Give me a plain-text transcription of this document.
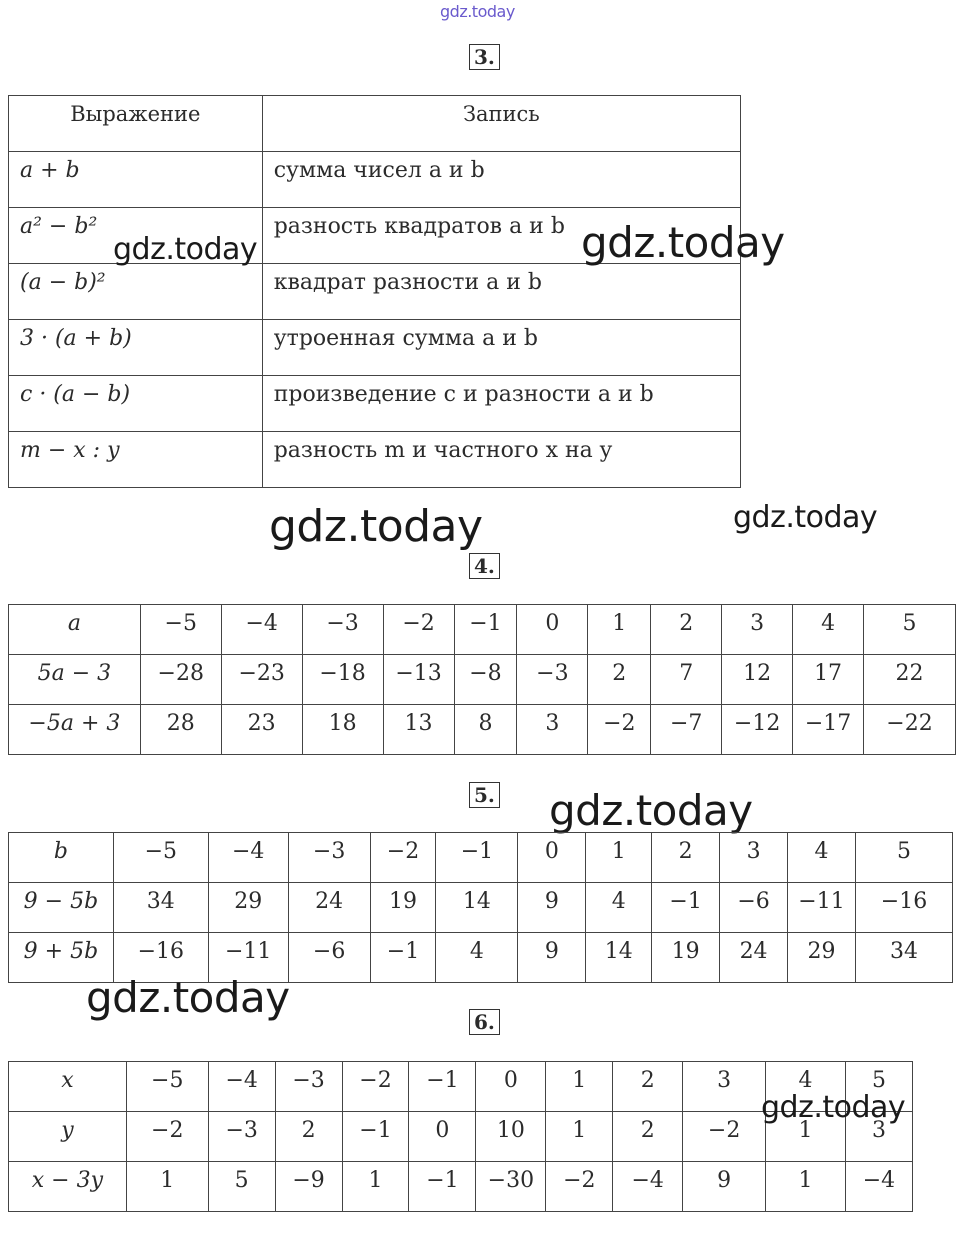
gdz.today
3.
Выражение	Запись
a + b	сумма чисел a и b
a² − b²	разность квадратов a и b
(a − b)²	квадрат разности a и b
3 · (a + b)	утроенная сумма a и b
c · (a − b)	произведение c и разности a и b
m − x : y	разность m и частного x на y
gdz.today	gdz.today
gdz.today	gdz.today
4.
a	−5	−4	−3	−2	−1	0	1	2	3	4	5
5a − 3	−28	−23	−18	−13	−8	−3	2	7	12	17	22
−5a + 3	28	23	18	13	8	3	−2	−7	−12	−17	−22
5. gdz.today
b	−5	−4	−3	−2	−1	0	1	2	3	4	5
9 − 5b	34	29	24	19	14	9	4	−1	−6	−11	−16
9 + 5b	−16	−11	−6	−1	4	9	14	19	24	29	34
gdz.today	6.
x	−5	−4	−3	−2	−1	0	1	2	3	4	5
y	−2	−3	2	−1	0	10	1	2	−2	1	3
x − 3y	1	5	−9	1	−1	−30	−2	−4	9	1	−4
gdz.today
